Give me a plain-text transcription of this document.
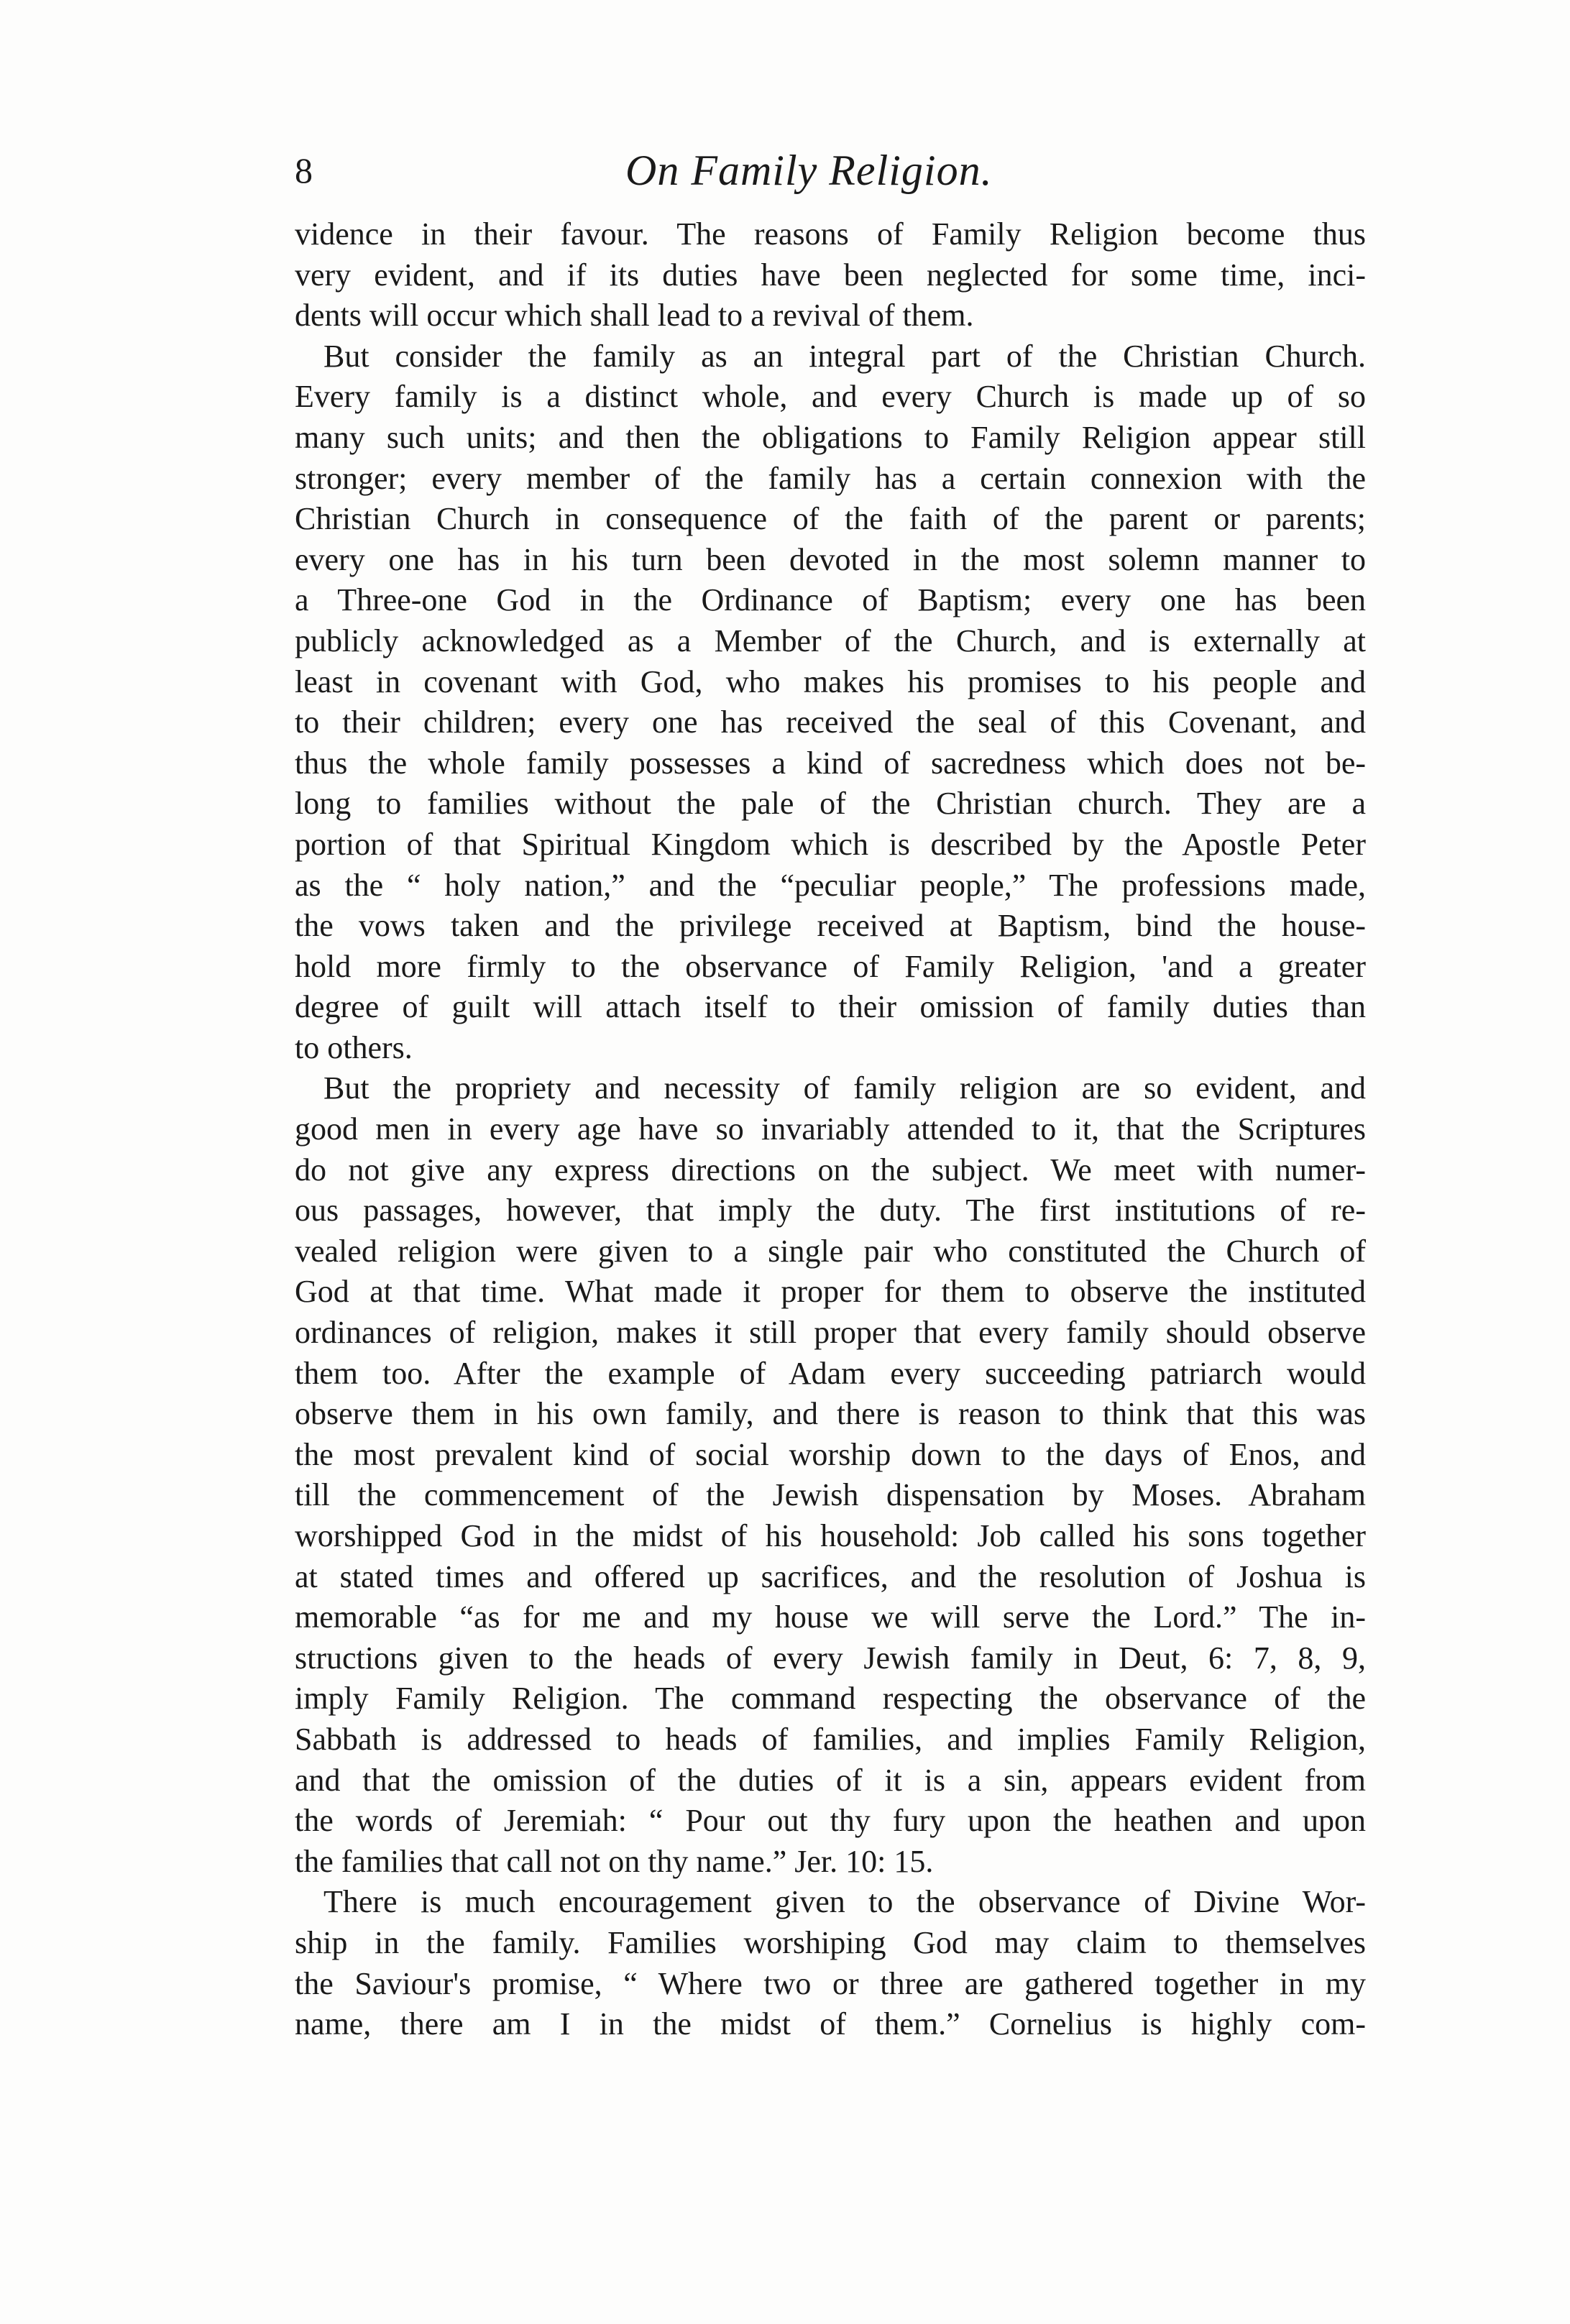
8	On Family Religion.
vidence in their favour. The reasons of Family Religion become thus
very evident, and if its duties have been neglected for some time, inci-
dents will occur which shall lead to a revival of them.
But consider the family as an integral part of the Christian Church.
Every family is a distinct whole, and every Church is made up of so
many such units; and then the obligations to Family Religion appear still
stronger; every member of the family has a certain connexion with the
Christian Church in consequence of the faith of the parent or parents;
every one has in his turn been devoted in the most solemn manner to
a Three-one God in the Ordinance of Baptism; every one has been
publicly acknowledged as a Member of the Church, and is externally at
least in covenant with God, who makes his promises to his people and
to their children; every one has received the seal of this Covenant, and
thus the whole family possesses a kind of sacredness which does not be-
long to families without the pale of the Christian church. They are a
portion of that Spiritual Kingdom which is described by the Apostle Peter
as the “ holy nation,” and the “peculiar people,” The professions made,
the vows taken and the privilege received at Baptism, bind the house-
hold more firmly to the observance of Family Religion, 'and a greater
degree of guilt will attach itself to their omission of family duties than
to others.
But the propriety and necessity of family religion are so evident, and
good men in every age have so invariably attended to it, that the Scriptures
do not give any express directions on the subject. We meet with numer-
ous passages, however, that imply the duty. The first institutions of re-
vealed religion were given to a single pair who constituted the Church of
God at that time. What made it proper for them to observe the instituted
ordinances of religion, makes it still proper that every family should observe
them too. After the example of Adam every succeeding patriarch would
observe them in his own family, and there is reason to think that this was
the most prevalent kind of social worship down to the days of Enos, and
till the commencement of the Jewish dispensation by Moses. Abraham
worshipped God in the midst of his household: Job called his sons together
at stated times and offered up sacrifices, and the resolution of Joshua is
memorable “as for me and my house we will serve the Lord.” The in-
structions given to the heads of every Jewish family in Deut, 6: 7, 8, 9,
imply Family Religion. The command respecting the observance of the
Sabbath is addressed to heads of families, and implies Family Religion,
and that the omission of the duties of it is a sin, appears evident from
the words of Jeremiah: “ Pour out thy fury upon the heathen and upon
the families that call not on thy name.” Jer. 10: 15.
There is much encouragement given to the observance of Divine Wor-
ship in the family. Families worshiping God may claim to themselves
the Saviour's promise, “ Where two or three are gathered together in my
name, there am I in the midst of them.” Cornelius is highly com-
